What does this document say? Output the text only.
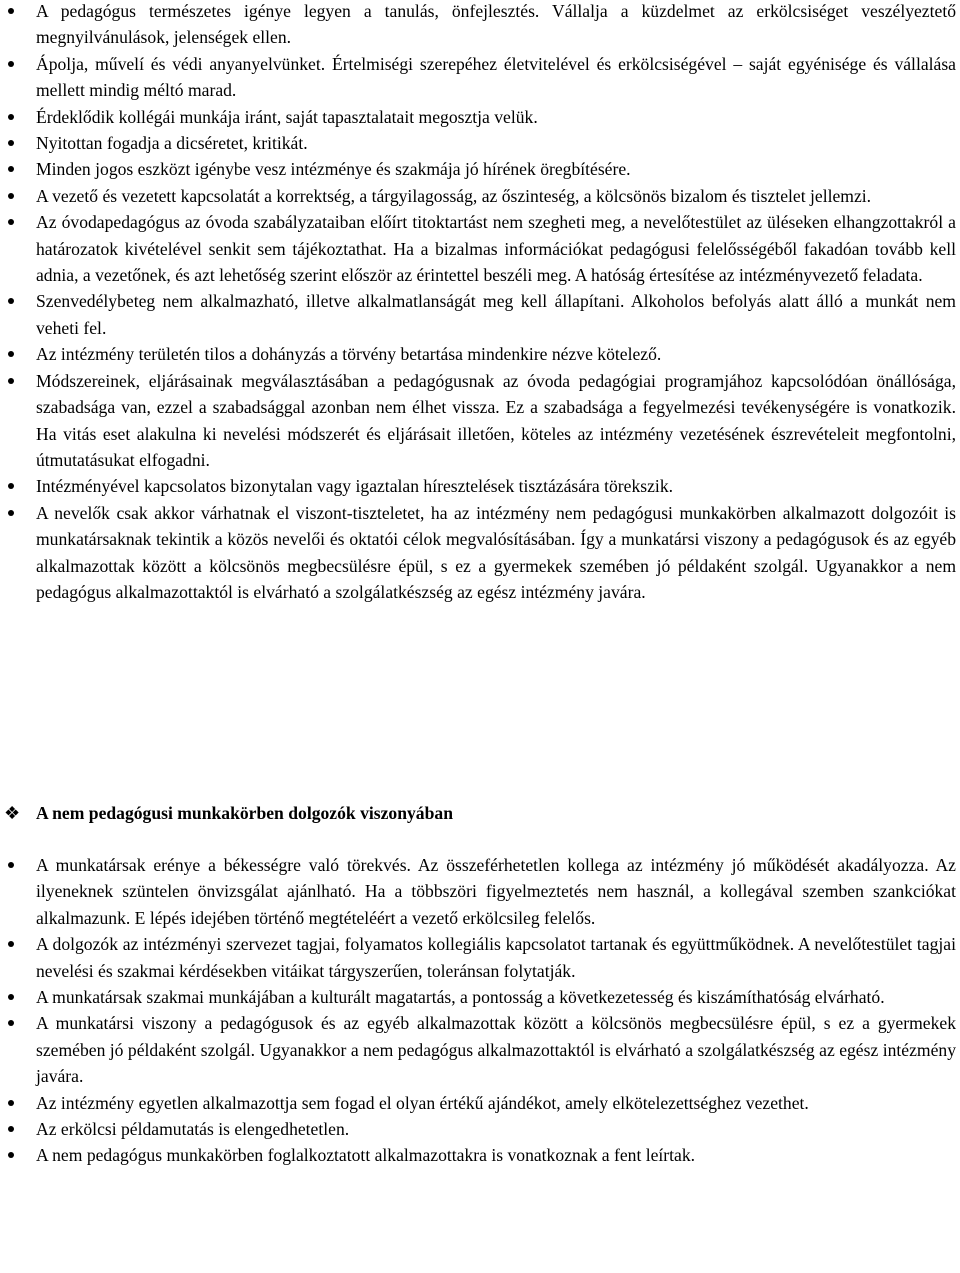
A pedagógus természetes igénye legyen a tanulás, önfejlesztés. Vállalja a küzdelmet az erkölcsiséget veszélyeztető megnyilvánulások, jelenségek ellen.
Ápolja, művelí és védi anyanyelvünket. Értelmiségi szerepéhez életvitelével és erkölcsiségével – saját egyénisége és vállalása mellett mindig méltó marad.
Érdeklődik kollégái munkája iránt, saját tapasztalatait megosztja velük.
Nyitottan fogadja a dicséretet, kritikát.
Minden jogos eszközt igénybe vesz intézménye és szakmája jó hírének öregbítésére.
A vezető és vezetett kapcsolatát a korrektség, a tárgyilagosság, az őszinteség, a kölcsönös bizalom és tisztelet jellemzi.
Az óvodapedagógus az óvoda szabályzataiban előírt titoktartást nem szegheti meg, a nevelőtestület az üléseken elhangzottakról a határozatok kivételével senkit sem tájékoztathat. Ha a bizalmas információkat pedagógusi felelősségéből fakadóan tovább kell adnia, a vezetőnek, és azt lehetőség szerint először az érintettel beszéli meg. A hatóság értesítése az intézményvezető feladata.
Szenvedélybeteg nem alkalmazható, illetve alkalmatlanságát meg kell állapítani. Alkoholos befolyás alatt álló a munkát nem veheti fel.
Az intézmény területén tilos a dohányzás a törvény betartása mindenkire nézve kötelező.
Módszereinek, eljárásainak megválasztásában a pedagógusnak az óvoda pedagógiai programjához kapcsolódóan önállósága, szabadsága van, ezzel a szabadsággal azonban nem élhet vissza. Ez a szabadsága a fegyelmezési tevékenységére is vonatkozik. Ha vitás eset alakulna ki nevelési módszerét és eljárásait illetően, köteles az intézmény vezetésének észrevételeit megfontolni, útmutatásukat elfogadni.
Intézményével kapcsolatos bizonytalan vagy igaztalan híresztelések tisztázására törekszik.
A nevelők csak akkor várhatnak el viszont-tiszteletet, ha az intézmény nem pedagógusi munkakörben alkalmazott dolgozóit is munkatársaknak tekintik a közös nevelői és oktatói célok megvalósításában. Így a munkatársi viszony a pedagógusok és az egyéb alkalmazottak között a kölcsönös megbecsülésre épül, s ez a gyermekek szemében jó példaként szolgál. Ugyanakkor a nem pedagógus alkalmazottaktól is elvárható a szolgálatkészség az egész intézmény javára.
❖ A nem pedagógusi munkakörben dolgozók viszonyában
A munkatársak erénye a békességre való törekvés. Az összeférhetetlen kollega az intézmény jó működését akadályozza. Az ilyeneknek szüntelen önvizsgálat ajánlható. Ha a többszöri figyelmeztetés nem használ, a kollegával szemben szankciókat alkalmazunk. E lépés idejében történő megtételéért a vezető erkölcsileg felelős.
A dolgozók az intézményi szervezet tagjai, folyamatos kollegiális kapcsolatot tartanak és együttműködnek. A nevelőtestület tagjai nevelési és szakmai kérdésekben vitáikat tárgyszerűen, toleránsan folytatják.
A munkatársak szakmai munkájában a kulturált magatartás, a pontosság a következetesség és kiszámíthatóság elvárható.
A munkatársi viszony a pedagógusok és az egyéb alkalmazottak között a kölcsönös megbecsülésre épül, s ez a gyermekek szemében jó példaként szolgál. Ugyanakkor a nem pedagógus alkalmazottaktól is elvárható a szolgálatkészség az egész intézmény javára.
Az intézmény egyetlen alkalmazottja sem fogad el olyan értékű ajándékot, amely elkötelezettséghez vezethet.
Az erkölcsi példamutatás is elengedhetetlen.
A nem pedagógus munkakörben foglalkoztatott alkalmazottakra is vonatkoznak a fent leírtak.
